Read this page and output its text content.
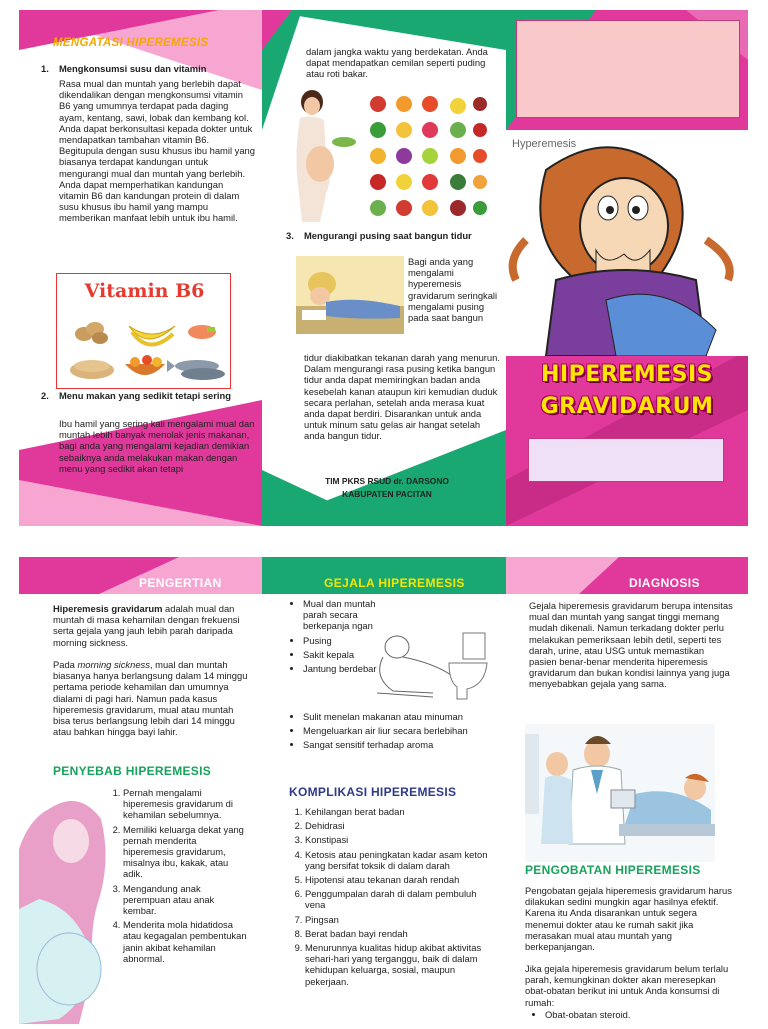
MENGATASI HIPEREMESIS
1. Mengkonsumsi susu dan vitamin
Rasa mual dan muntah yang berlebih dapat dikendalikan dengan mengkonsumsi vitamin B6 yang umumnya terdapat pada daging ayam, kentang, sawi, lobak dan kembang kol. Anda dapat berkonsultasi kepada dokter untuk mendapatkan tambahan vitamin B6. Begitupula dengan susu khusus ibu hamil yang biasanya terdapat kandungan untuk mengurangi mual dan muntah yang berlebih. Anda dapat memperhatikan kandungan vitamin B6 dan kandungan protein di dalam susu khusus ibu hamil yang mampu memberikan manfaat lebih untuk ibu hamil.
Vitamin B6
2. Menu makan yang sedikit tetapi sering
Ibu hamil yang sering kali mengalami mual dan muntah lebih banyak menolak jenis makanan, bagi anda yang mengalami kejadian demikian sebaiknya anda melakukan makan dengan menu yang sedikit akan tetapi
dalam jangka waktu yang berdekatan. Anda dapat mendapatkan cemilan seperti puding atau roti bakar.
3. Mengurangi pusing saat bangun tidur
Bagi anda yang mengalami hyperemesis gravidarum seringkali mengalami pusing pada saat bangun
tidur diakibatkan tekanan darah yang menurun. Dalam mengurangi rasa pusing ketika bangun tidur anda dapat memiringkan badan anda kesebelah kanan ataupun kiri kemudian duduk secara perlahan, setelah anda merasa kuat anda dapat berdiri. Disarankan untuk anda untuk minum satu gelas air hangat setelah anda bangun tidur.
TIM PKRS RSUD dr. DARSONO
KABUPATEN PACITAN
Hyperemesis
HIPEREMESIS
GRAVIDARUM
PENGERTIAN	GEJALA HIPEREMESIS	DIAGNOSIS
Hiperemesis gravidarum adalah mual dan muntah di masa kehamilan dengan frekuensi serta gejala yang jauh lebih parah daripada morning sickness.
Pada morning sickness, mual dan muntah biasanya hanya berlangsung dalam 14 minggu pertama periode kehamilan dan umumnya dialami di pagi hari. Namun pada kasus hiperemesis gravidarum, mual atau muntah bisa terus berlangsung lebih dari 14 minggu atau bahkan hingga bayi lahir.
PENYEBAB HIPEREMESIS
1. Pernah mengalami hiperemesis gravidarum di kehamilan sebelumnya.
2. Memiliki keluarga dekat yang pernah menderita hiperemesis gravidarum, misalnya ibu, kakak, atau adik.
3. Mengandung anak perempuan atau anak kembar.
4. Menderita mola hidatidosa atau kegagalan pembentukan janin akibat kehamilan abnormal.
• Mual dan muntah parah secara berkepanja ngan
• Pusing
• Sakit kepala
• Jantung berdebar
• Sulit menelan makanan atau minuman
• Mengeluarkan air liur secara berlebihan
• Sangat sensitif terhadap aroma
KOMPLIKASI HIPEREMESIS
1. Kehilangan berat badan
2. Dehidrasi
3. Konstipasi
4. Ketosis atau peningkatan kadar asam keton yang bersifat toksik di dalam darah
5. Hipotensi atau tekanan darah rendah
6. Penggumpalan darah di dalam pembuluh vena
7. Pingsan
8. Berat badan bayi rendah
9. Menurunnya kualitas hidup akibat aktivitas sehari-hari yang terganggu, baik di dalam kehidupan keluarga, sosial, maupun pekerjaan.
Gejala hiperemesis gravidarum berupa intensitas mual dan muntah yang sangat tinggi memang mudah dikenali. Namun terkadang dokter perlu melakukan pemeriksaan lebih detil, seperti tes darah, urine, atau USG untuk memastikan pasien benar-benar menderita hiperemesis gravidarum dan bukan kondisi lainnya yang juga menyebabkan gejala yang sama.
PENGOBATAN HIPEREMESIS
Pengobatan gejala hiperemesis gravidarum harus dilakukan sedini mungkin agar hasilnya efektif. Karena itu Anda disarankan untuk segera menemui dokter atau ke rumah sakit jika merasakan mual atau muntah yang berkepanjangan.
Jika gejala hiperemesis gravidarum belum terlalu parah, kemungkinan dokter akan meresepkan obat-obatan berikut ini untuk Anda konsumsi di rumah:
• Obat-obatan steroid.
